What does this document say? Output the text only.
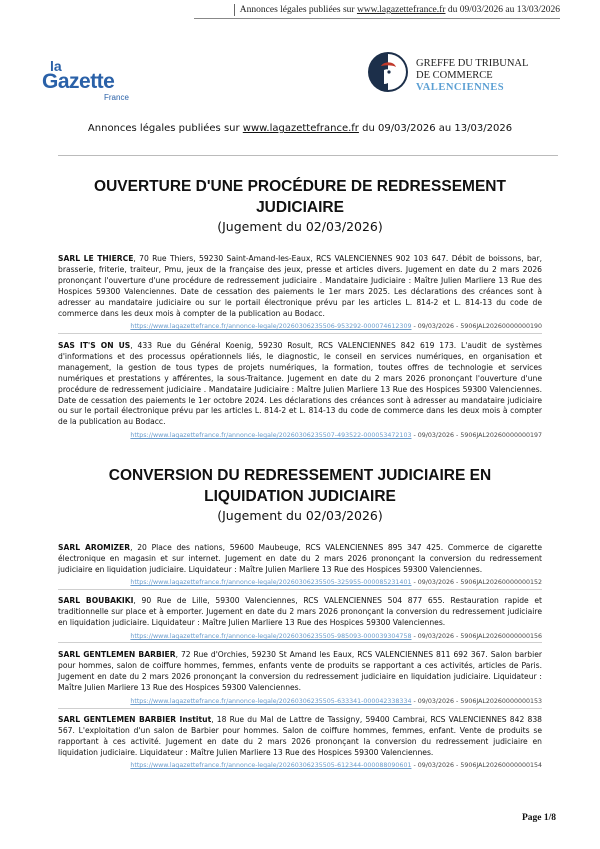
Annonces légales publiées sur www.lagazettefrance.fr du 09/03/2026 au 13/03/2026
la
Gazette
France
GREFFE DU TRIBUNAL
DE COMMERCE
VALENCIENNES
Annonces légales publiées sur www.lagazettefrance.fr du 09/03/2026 au 13/03/2026
OUVERTURE D'UNE PROCÉDURE DE REDRESSEMENT JUDICIAIRE
(Jugement du 02/03/2026)
SARL LE THIERCE, 70 Rue Thiers, 59230 Saint-Amand-les-Eaux, RCS VALENCIENNES 902 103 647. Débit de boissons, bar, brasserie, friterie, traiteur, Pmu, jeux de la française des jeux, presse et articles divers. Jugement en date du 2 mars 2026 prononçant l'ouverture d'une procédure de redressement judiciaire . Mandataire Judiciaire : Maître Julien Marliere 13 Rue des Hospices 59300 Valenciennes. Date de cessation des paiements le 1er mars 2025. Les déclarations des créances sont à adresser au mandataire judiciaire ou sur le portail électronique prévu par les articles L. 814-2 et L. 814-13 du code de commerce dans les deux mois à compter de la publication au Bodacc.
https://www.lagazettefrance.fr/annonce-legale/20260306235506-953292-000074612309 - 09/03/2026 - 5906JAL20260000000190
SAS IT'S ON US, 433 Rue du Général Koenig, 59230 Rosult, RCS VALENCIENNES 842 619 173. L'audit de systèmes d'informations et des processus opérationnels liés, le diagnostic, le conseil en services numériques, en organisation et management, la gestion de tous types de projets numériques, la formation, toutes offres de technologie et services numériques et prestations y afférentes, la sous-Traitance. Jugement en date du 2 mars 2026 prononçant l'ouverture d'une procédure de redressement judiciaire . Mandataire Judiciaire : Maître Julien Marliere 13 Rue des Hospices 59300 Valenciennes. Date de cessation des paiements le 1er octobre 2024. Les déclarations des créances sont à adresser au mandataire judiciaire ou sur le portail électronique prévu par les articles L. 814-2 et L. 814-13 du code de commerce dans les deux mois à compter de la publication au Bodacc.
https://www.lagazettefrance.fr/annonce-legale/20260306235507-493522-000053472103 - 09/03/2026 - 5906JAL20260000000197
CONVERSION DU REDRESSEMENT JUDICIAIRE EN LIQUIDATION JUDICIAIRE
(Jugement du 02/03/2026)
SARL AROMIZER, 20 Place des nations, 59600 Maubeuge, RCS VALENCIENNES 895 347 425. Commerce de cigarette électronique en magasin et sur internet. Jugement en date du 2 mars 2026 prononçant la conversion du redressement judiciaire en liquidation judiciaire. Liquidateur : Maître Julien Marliere 13 Rue des Hospices 59300 Valenciennes.
https://www.lagazettefrance.fr/annonce-legale/20260306235505-325955-000085231401 - 09/03/2026 - 5906JAL20260000000152
SARL BOUBAKIKI, 90 Rue de Lille, 59300 Valenciennes, RCS VALENCIENNES 504 877 655. Restauration rapide et traditionnelle sur place et à emporter. Jugement en date du 2 mars 2026 prononçant la conversion du redressement judiciaire en liquidation judiciaire. Liquidateur : Maître Julien Marliere 13 Rue des Hospices 59300 Valenciennes.
https://www.lagazettefrance.fr/annonce-legale/20260306235505-985093-000039304758 - 09/03/2026 - 5906JAL20260000000156
SARL GENTLEMEN BARBIER, 72 Rue d'Orchies, 59230 St Amand les Eaux, RCS VALENCIENNES 811 692 367. Salon barbier pour hommes, salon de coiffure hommes, femmes, enfants vente de produits se rapportant a ces activités, articles de Paris. Jugement en date du 2 mars 2026 prononçant la conversion du redressement judiciaire en liquidation judiciaire. Liquidateur : Maître Julien Marliere 13 Rue des Hospices 59300 Valenciennes.
https://www.lagazettefrance.fr/annonce-legale/20260306235505-633341-000042338334 - 09/03/2026 - 5906JAL20260000000153
SARL GENTLEMEN BARBIER Institut, 18 Rue du Mal de Lattre de Tassigny, 59400 Cambrai, RCS VALENCIENNES 842 838 567. L'exploitation d'un salon de Barbier pour hommes. Salon de coiffure hommes, femmes, enfant. Vente de produits se rapportant à ces activité. Jugement en date du 2 mars 2026 prononçant la conversion du redressement judiciaire en liquidation judiciaire. Liquidateur : Maître Julien Marliere 13 Rue des Hospices 59300 Valenciennes.
https://www.lagazettefrance.fr/annonce-legale/20260306235505-612344-000088090601 - 09/03/2026 - 5906JAL20260000000154
Page 1/8
